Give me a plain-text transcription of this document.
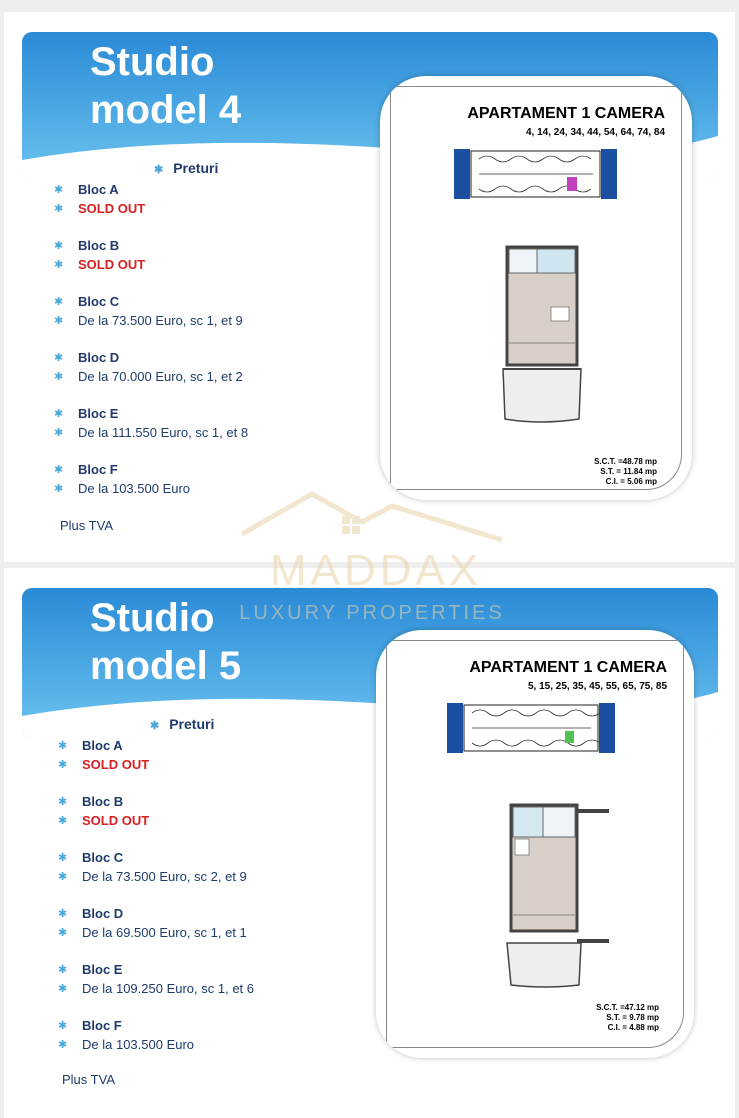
Studio
model 4
✱ Preturi
✱	Bloc A
✱	SOLD OUT
✱	Bloc B
✱	SOLD OUT
✱	Bloc C
✱	De la 73.500 Euro, sc 1, et 9
✱	Bloc D
✱	De la 70.000 Euro, sc 1, et 2
✱	Bloc E
✱	De la 111.550 Euro, sc 1, et 8
✱	Bloc F
✱	De la 103.500 Euro
Plus TVA
APARTAMENT 1 CAMERA
4, 14, 24, 34, 44, 54, 64, 74, 84
S.C.T. =48.78 mp
S.T. = 11.84 mp
C.I. = 5.06 mp
Studio
model 5
✱ Preturi
✱	Bloc A
✱	SOLD OUT
✱	Bloc B
✱	SOLD OUT
✱	Bloc C
✱	De la 73.500 Euro, sc 2, et 9
✱	Bloc D
✱	De la 69.500 Euro, sc 1, et 1
✱	Bloc E
✱	De la 109.250 Euro, sc 1, et 6
✱	Bloc F
✱	De la 103.500 Euro
Plus TVA
APARTAMENT 1 CAMERA
5, 15, 25, 35, 45, 55, 65, 75, 85
S.C.T. =47.12 mp
S.T. = 9.78 mp
C.I. = 4.88 mp
MADDAX
LUXURY PROPERTIES
